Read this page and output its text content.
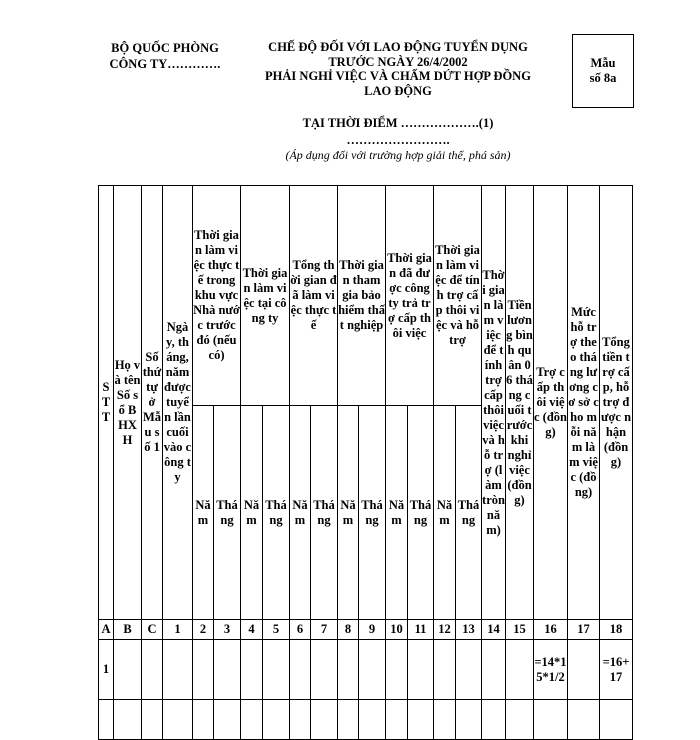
BỘ QUỐC PHÒNG
CÔNG TY………….
CHẾ ĐỘ ĐỐI VỚI LAO ĐỘNG TUYỂN DỤNG
TRƯỚC NGÀY 26/4/2002
PHẢI NGHỈ VIỆC VÀ CHẤM DỨT HỢP ĐỒNG
LAO ĐỘNG
Mẫu
số 8a
TẠI THỜI ĐIỂM ……………….(1)
…………………….
(Áp dụng đối với trường hợp giải thể, phá sản)
STT	Họ và tên Số sổ BHXH	Số thứ tự ở Mẫu số 1	Ngày, tháng, năm được tuyển lần cuối vào công ty	Thời gian làm việc thực tế trong khu vực Nhà nước trước đó (nếu có)		Thời gian làm việc tại công ty		Tổng thời gian đã làm việc thực tế		Thời gian tham gia bảo hiểm thất nghiệp		Thời gian đã được công ty trả trợ cấp thôi việc		Thời gian làm việc để tính trợ cấp thôi việc và hỗ trợ		Thời gian làm việc để tính trợ cấp thôi việc và hỗ trợ (làm tròn năm)	Tiền lương bình quân 06 tháng cuối trước khi nghỉ việc (đồng)	Trợ cấp thôi việc (đồng)	Mức hỗ trợ theo tháng lương cơ sở cho mỗi năm làm việc (đồng)	Tổng tiền trợ cấp, hỗ trợ được nhận (đồng)

				Năm	Tháng	Năm	Tháng	Năm	Tháng	Năm	Tháng	Năm	Tháng	Năm	Tháng					
A	B	C	1	2	3	4	5	6	7	8	9	10	11	12	13	14	15	16	17	18
1																		=14*15*1/2		=16+17
